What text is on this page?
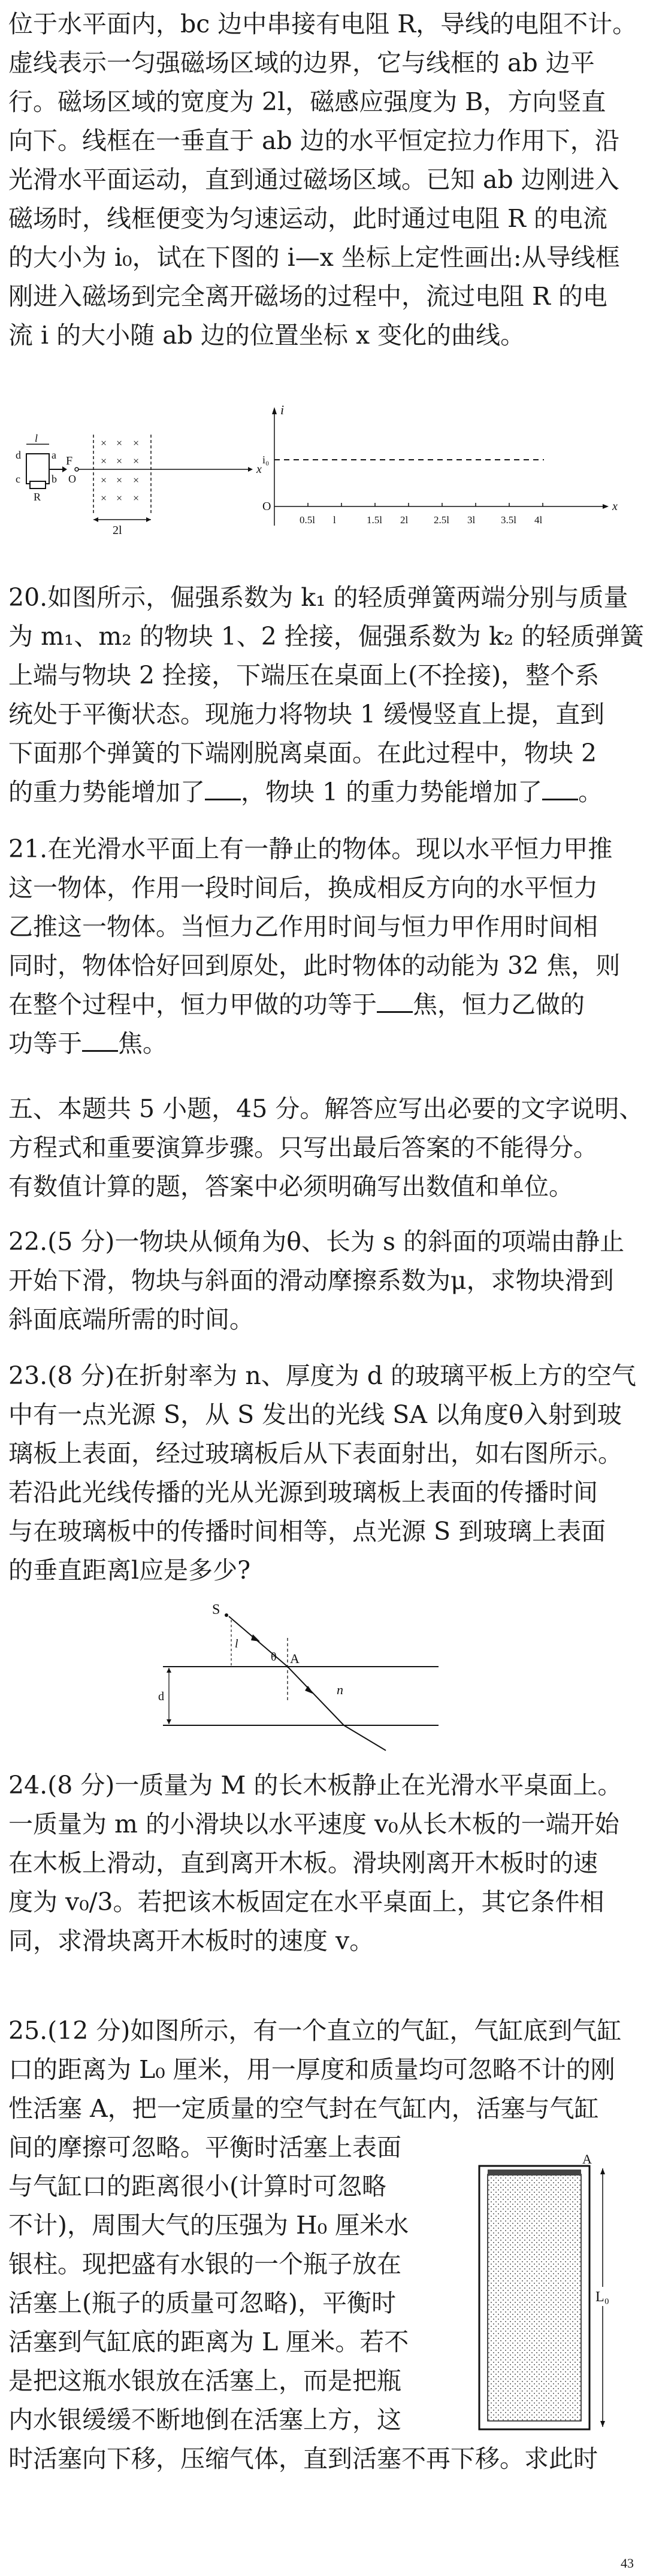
位于水平面内，bc 边中串接有电阻 R，导线的电阻不计。
虚线表示一匀强磁场区域的边界，它与线框的 ab 边平
行。磁场区域的宽度为 2l，磁感应强度为 B，方向竖直
向下。线框在一垂直于 ab 边的水平恒定拉力作用下，沿
光滑水平面运动，直到通过磁场区域。已知 ab 边刚进入
磁场时，线框便变为匀速运动，此时通过电阻 R 的电流
的大小为 i₀，试在下图的 i—x 坐标上定性画出:从导线框
刚进入磁场到完全离开磁场的过程中，流过电阻 R 的电
流 i 的大小随 ab 边的位置坐标 x 变化的曲线。
l
d	a
c	b
R
F
O
x
× × ×
× × ×
× × ×
× × ×
2l
i
i₀
x
O
0.5l l	1.5l 2l	2.5l 3l	3.5l 4l
20.如图所示，倔强系数为 k₁ 的轻质弹簧两端分别与质量
为 m₁、m₂ 的物块 1、2 拴接，倔强系数为 k₂ 的轻质弹簧
上端与物块 2 拴接，下端压在桌面上(不拴接)，整个系
统处于平衡状态。现施力将物块 1 缓慢竖直上提，直到
下面那个弹簧的下端刚脱离桌面。在此过程中，物块 2
的重力势能增加了 ，物块 1 的重力势能增加了 。
21.在光滑水平面上有一静止的物体。现以水平恒力甲推
这一物体，作用一段时间后，换成相反方向的水平恒力
乙推这一物体。当恒力乙作用时间与恒力甲作用时间相
同时，物体恰好回到原处，此时物体的动能为 32 焦，则
在整个过程中，恒力甲做的功等于 焦，恒力乙做的
功等于 焦。
五、本题共 5 小题，45 分。解答应写出必要的文字说明、
方程式和重要演算步骤。只写出最后答案的不能得分。
有数值计算的题，答案中必须明确写出数值和单位。
22.(5 分)一物块从倾角为θ、长为 s 的斜面的项端由静止
开始下滑，物块与斜面的滑动摩擦系数为μ，求物块滑到
斜面底端所需的时间。
23.(8 分)在折射率为 n、厚度为 d 的玻璃平板上方的空气
中有一点光源 S，从 S 发出的光线 SA 以角度θ入射到玻
璃板上表面，经过玻璃板后从下表面射出，如右图所示。
若沿此光线传播的光从光源到玻璃板上表面的传播时间
与在玻璃板中的传播时间相等，点光源 S 到玻璃上表面
的垂直距离l应是多少?
S
l
θ A
n
d
24.(8 分)一质量为 M 的长木板静止在光滑水平桌面上。
一质量为 m 的小滑块以水平速度 v₀从长木板的一端开始
在木板上滑动，直到离开木板。滑块刚离开木板时的速
度为 v₀/3。若把该木板固定在水平桌面上，其它条件相
同，求滑块离开木板时的速度 v。
25.(12 分)如图所示，有一个直立的气缸，气缸底到气缸
口的距离为 L₀ 厘米，用一厚度和质量均可忽略不计的刚
性活塞 A，把一定质量的空气封在气缸内，活塞与气缸
间的摩擦可忽略。平衡时活塞上表面
与气缸口的距离很小(计算时可忽略
不计)，周围大气的压强为 H₀ 厘米水
银柱。现把盛有水银的一个瓶子放在
活塞上(瓶子的质量可忽略)，平衡时
活塞到气缸底的距离为 L 厘米。若不
是把这瓶水银放在活塞上，而是把瓶
内水银缓缓不断地倒在活塞上方，这
时活塞向下移，压缩气体，直到活塞不再下移。求此时
A
L₀
43
